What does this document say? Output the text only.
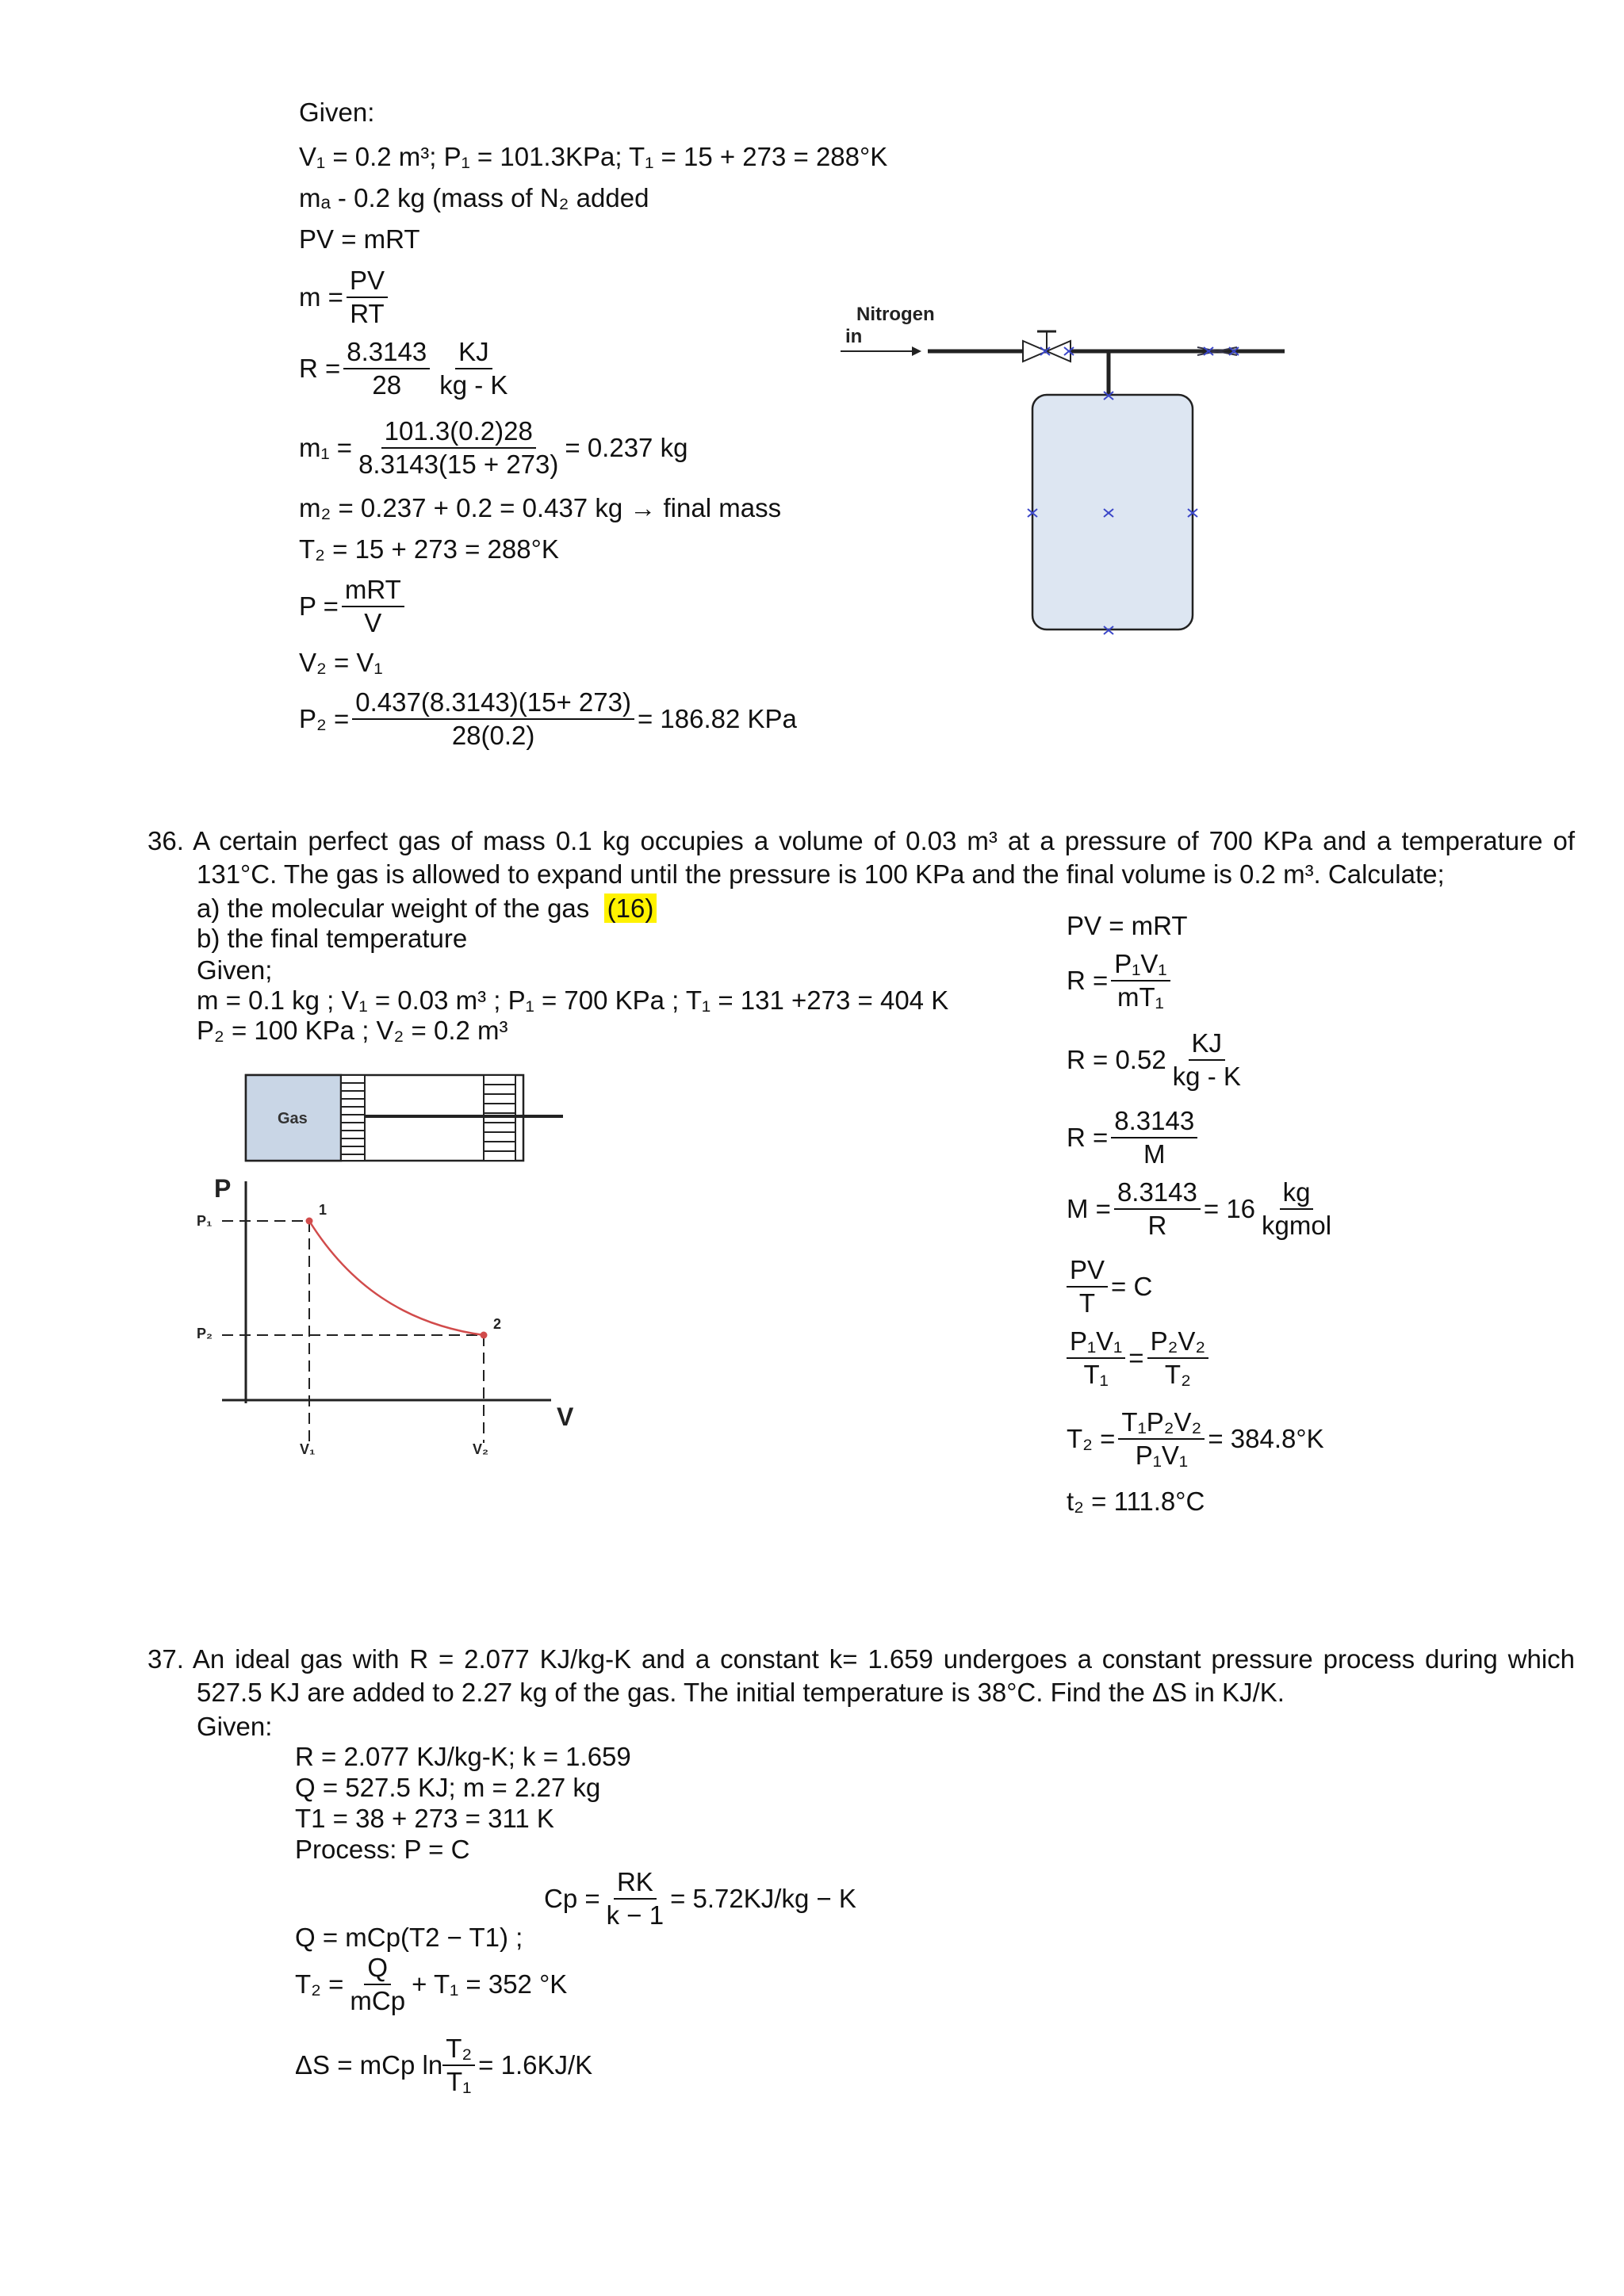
Given:
V₁ = 0.2 m³; P₁ = 101.3KPa; T₁ = 15 + 273 = 288°K
mₐ - 0.2 kg (mass of N₂ added
PV = mRT
$m = \frac{PV}{RT}$
$R = \frac{8.3143}{28} \frac{KJ}{kg - K}$
$m_1 = \frac{101.3(0.2)28}{8.3143(15 + 273)} = 0.237$ kg
m₂ = 0.237 + 0.2 = 0.437 kg → final mass
T₂ = 15 + 273 = 288°K
$P = \frac{\text{mRT}}{V}$
V₂ = V₁
$P_2 = \frac{0.437(8.3143)(15+ 273)}{28(0.2)} = 186.82$ KPa
Nitrogen
in
36. A certain perfect gas of mass 0.1 kg occupies a volume of 0.03 m³ at a pressure of 700 KPa and a temperature of 131°C. The gas is allowed to expand until the pressure is 100 KPa and the final volume is 0.2 m³. Calculate;
a) the molecular weight of the gas (16)
b) the final temperature
Given;
m = 0.1 kg ; V₁ = 0.03 m³ ; P₁ = 700 KPa ; T₁ = 131 +273 = 404 K
P₂ = 100 KPa ; V₂ = 0.2 m³
Gas
P
V
P₁
P₂
V₁	V₂
1
2
PV = mRT
$R = \frac{\text{P₁V₁}}{\text{mT₁}}$
$R = 0.52 \frac{KJ}{kg - K}$
$R = \frac{8.3143}{M}$
$M = \frac{8.3143}{R} = 16 \frac{kg}{\text{kgmol}}$
$\frac{PV}{T} = C$
$\frac{\text{P₁V₁}}{\text{T₁}} = \frac{\text{P₂V₂}}{\text{T₂}}$
$T_2 = \frac{\text{T₁P₂V₂}}{\text{P₁V₁}} = 384.8^\circ K$
t₂ = 111.8°C
37. An ideal gas with R = 2.077 KJ/kg-K and a constant k= 1.659 undergoes a constant pressure process during which 527.5 KJ are added to 2.27 kg of the gas. The initial temperature is 38°C. Find the ΔS in KJ/K.
Given:
R = 2.077 KJ/kg-K; k = 1.659
Q = 527.5 KJ; m = 2.27 kg
T1 = 38 + 273 = 311 K
Process: P = C
$Cp = \frac{RK}{k - 1} = 5.72KJ/kg - K$
Q = mCp(T2 − T1) ;
$T_2 = \frac{Q}{\text{mCp}} + T_1 = 352$ °K
ΔS = mCp $\ln \frac{\text{T₂}}{\text{T₁}} = 1.6KJ/K$
